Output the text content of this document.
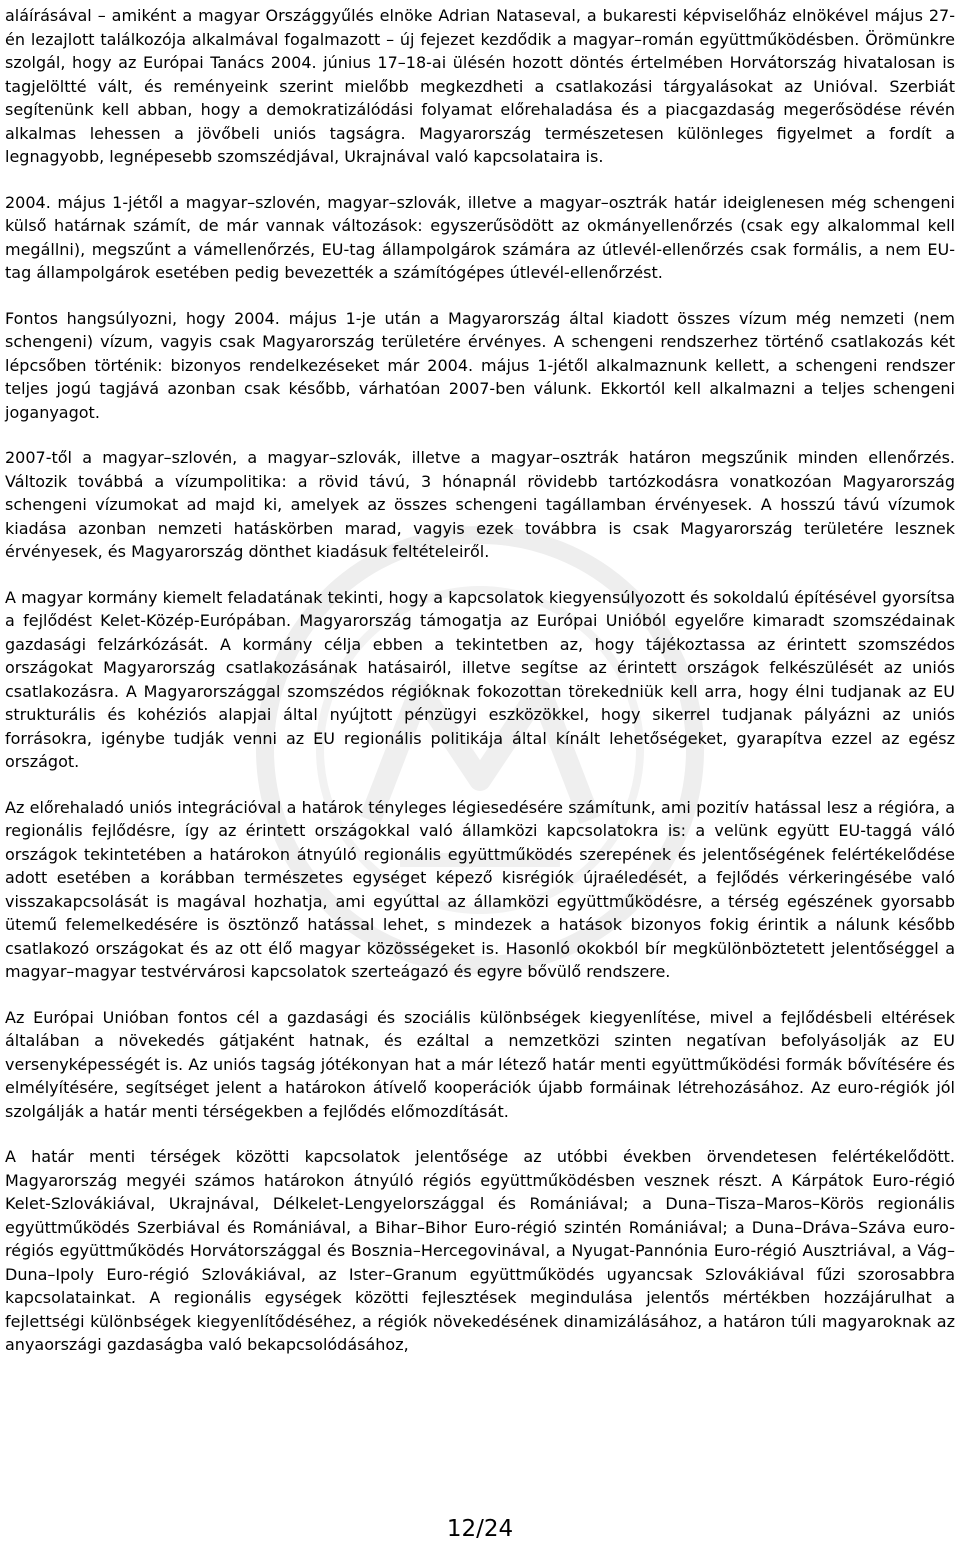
aláírásával – amiként a magyar Országgyűlés elnöke Adrian Nataseval, a bukaresti képviselőház elnökével május 27-én lezajlott találkozója alkalmával fogalmazott – új fejezet kezdődik a magyar–román együttműködésben. Örömünkre szolgál, hogy az Európai Tanács 2004. június 17–18-ai ülésén hozott döntés értelmében Horvátország hivatalosan is tagjelöltté vált, és reményeink szerint mielőbb megkezdheti a csatlakozási tárgyalásokat az Unióval. Szerbiát segítenünk kell abban, hogy a demokratizálódási folyamat előrehaladása és a piacgazdaság megerősödése révén alkalmas lehessen a jövőbeli uniós tagságra. Magyarország természetesen különleges figyelmet a fordít a legnagyobb, legnépesebb szomszédjával, Ukrajnával való kapcsolataira is.

2004. május 1-jétől a magyar–szlovén, magyar–szlovák, illetve a magyar–osztrák határ ideiglenesen még schengeni külső határnak számít, de már vannak változások: egyszerűsödött az okmányellenőrzés (csak egy alkalommal kell megállni), megszűnt a vámellenőrzés, EU-tag állampolgárok számára az útlevél-ellenőrzés csak formális, a nem EU-tag állampolgárok esetében pedig bevezették a számítógépes útlevél-ellenőrzést.

Fontos hangsúlyozni, hogy 2004. május 1-je után a Magyarország által kiadott összes vízum még nemzeti (nem schengeni) vízum, vagyis csak Magyarország területére érvényes. A schengeni rendszerhez történő csatlakozás két lépcsőben történik: bizonyos rendelkezéseket már 2004. május 1-jétől alkalmaznunk kellett, a schengeni rendszer teljes jogú tagjává azonban csak később, várhatóan 2007-ben válunk. Ekkortól kell alkalmazni a teljes schengeni joganyagot.

2007-től a magyar–szlovén, a magyar–szlovák, illetve a magyar–osztrák határon megszűnik minden ellenőrzés. Változik továbbá a vízumpolitika: a rövid távú, 3 hónapnál rövidebb tartózkodásra vonatkozóan Magyarország schengeni vízumokat ad majd ki, amelyek az összes schengeni tagállamban érvényesek. A hosszú távú vízumok kiadása azonban nemzeti hatáskörben marad, vagyis ezek továbbra is csak Magyarország területére lesznek érvényesek, és Magyarország dönthet kiadásuk feltételeiről.

A magyar kormány kiemelt feladatának tekinti, hogy a kapcsolatok kiegyensúlyozott és sokoldalú építésével gyorsítsa a fejlődést Kelet-Közép-Európában. Magyarország támogatja az Európai Unióból egyelőre kimaradt szomszédainak gazdasági felzárkózását. A kormány célja ebben a tekintetben az, hogy tájékoztassa az érintett szomszédos országokat Magyarország csatlakozásának hatásairól, illetve segítse az érintett országok felkészülését az uniós csatlakozásra. A Magyarországgal szomszédos régióknak fokozottan törekedniük kell arra, hogy élni tudjanak az EU strukturális és kohéziós alapjai által nyújtott pénzügyi eszközökkel, hogy sikerrel tudjanak pályázni az uniós forrásokra, igénybe tudják venni az EU regionális politikája által kínált lehetőségeket, gyarapítva ezzel az egész országot.

Az előrehaladó uniós integrációval a határok tényleges légiesedésére számítunk, ami pozitív hatással lesz a régióra, a regionális fejlődésre, így az érintett országokkal való államközi kapcsolatokra is: a velünk együtt EU-taggá váló országok tekintetében a határokon átnyúló regionális együttműködés szerepének és jelentőségének felértékelődése adott esetében a korábban természetes egységet képező kisrégiók újraéledését, a fejlődés vérkeringésébe való visszakapcsolását is magával hozhatja, ami egyúttal az államközi együttműködésre, a térség egészének gyorsabb ütemű felemelkedésére is ösztönző hatással lehet, s mindezek a hatások bizonyos fokig érintik a nálunk később csatlakozó országokat és az ott élő magyar közösségeket is. Hasonló okokból bír megkülönböztetett jelentőséggel a magyar–magyar testvérvárosi kapcsolatok szerteágazó és egyre bővülő rendszere.

Az Európai Unióban fontos cél a gazdasági és szociális különbségek kiegyenlítése, mivel a fejlődésbeli eltérések általában a növekedés gátjaként hatnak, és ezáltal a nemzetközi szinten negatívan befolyásolják az EU versenyképességét is. Az uniós tagság jótékonyan hat a már létező határ menti együttműködési formák bővítésére és elmélyítésére, segítséget jelent a határokon átívelő kooperációk újabb formáinak létrehozásához. Az euro-régiók jól szolgálják a határ menti térségekben a fejlődés előmozdítását.

A határ menti térségek közötti kapcsolatok jelentősége az utóbbi években örvendetesen felértékelődött. Magyarország megyéi számos határokon átnyúló régiós együttműködésben vesznek részt. A Kárpátok Euro-régió Kelet-Szlovákiával, Ukrajnával, Délkelet-Lengyelországgal és Romániával; a Duna–Tisza–Maros–Körös regionális együttműködés Szerbiával és Romániával, a Bihar–Bihor Euro-régió szintén Romániával; a Duna–Dráva–Száva euro-régiós együttműködés Horvátországgal és Bosznia–Hercegovinával, a Nyugat-Pannónia Euro-régió Ausztriával, a Vág–Duna–Ipoly Euro-régió Szlovákiával, az Ister–Granum együttműködés ugyancsak Szlovákiával fűzi szorosabbra kapcsolatainkat. A regionális egységek közötti fejlesztések megindulása jelentős mértékben hozzájárulhat a fejlettségi különbségek kiegyenlítődéséhez, a régiók növekedésének dinamizálásához, a határon túli magyaroknak az anyaországi gazdaságba való bekapcsolódásához,

12/24
